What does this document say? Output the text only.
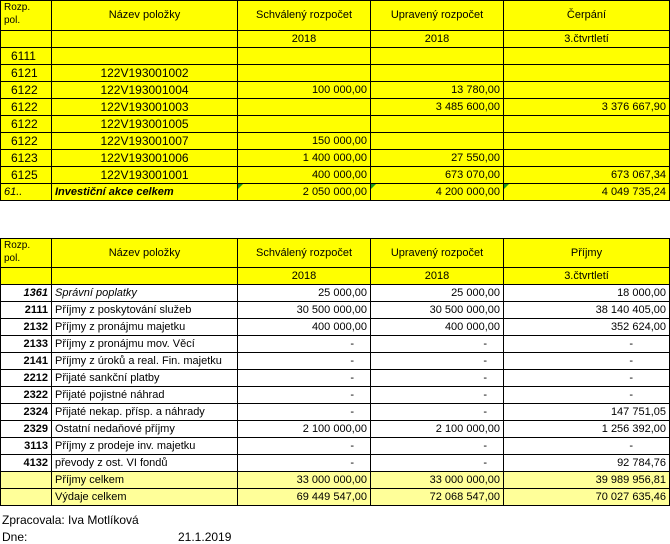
Rozp. pol.	Název položky	Schválený rozpočet	Upravený rozpočet	Čerpání
		2018	2018	3.čtvrtletí
6111				
6121	122V193001002			
6122	122V193001004	100 000,00	13 780,00	
6122	122V193001003		3 485 600,00	3 376 667,90
6122	122V193001005			
6122	122V193001007	150 000,00		
6123	122V193001006	1 400 000,00	27 550,00	
6125	122V193001001	400 000,00	673 070,00	673 067,34
61..	Investiční akce celkem	2 050 000,00	4 200 000,00	4 049 735,24
Rozp. pol.	Název položky	Schválený rozpočet	Upravený rozpočet	Příjmy
		2018	2018	3.čtvrtletí
1361	Správní poplatky	25 000,00	25 000,00	18 000,00
2111	Příjmy z poskytování služeb	30 500 000,00	30 500 000,00	38 140 405,00
2132	Příjmy z pronájmu majetku	400 000,00	400 000,00	352 624,00
2133	Příjmy z pronájmu mov. Věcí	-	-	-
2141	Příjmy z úroků a real. Fin. majetku	-	-	-
2212	Přijaté sankční platby	-	-	-
2322	Přijaté pojistné náhrad	-	-	-
2324	Přijaté nekap. přísp. a náhrady	-	-	147 751,05
2329	Ostatní nedaňové příjmy	2 100 000,00	2 100 000,00	1 256 392,00
3113	Příjmy z prodeje inv. majetku	-	-	-
4132	převody z ost. VI fondů	-	-	92 784,76
	Příjmy celkem	33 000 000,00	33 000 000,00	39 989 956,81
	Výdaje celkem	69 449 547,00	72 068 547,00	70 027 635,46
Zpracovala: Iva Motlíková
Dne:	21.1.2019
